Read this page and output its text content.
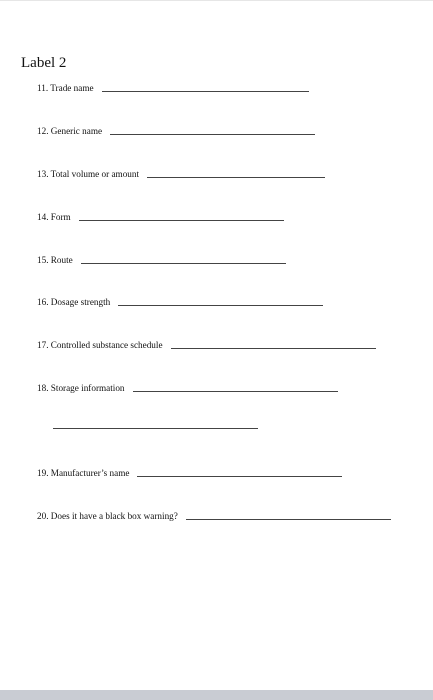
Label 2
11. Trade name
12. Generic name
13. Total volume or amount
14. Form
15. Route
16. Dosage strength
17. Controlled substance schedule
18. Storage information
19. Manufacturer’s name
20. Does it have a black box warning?
